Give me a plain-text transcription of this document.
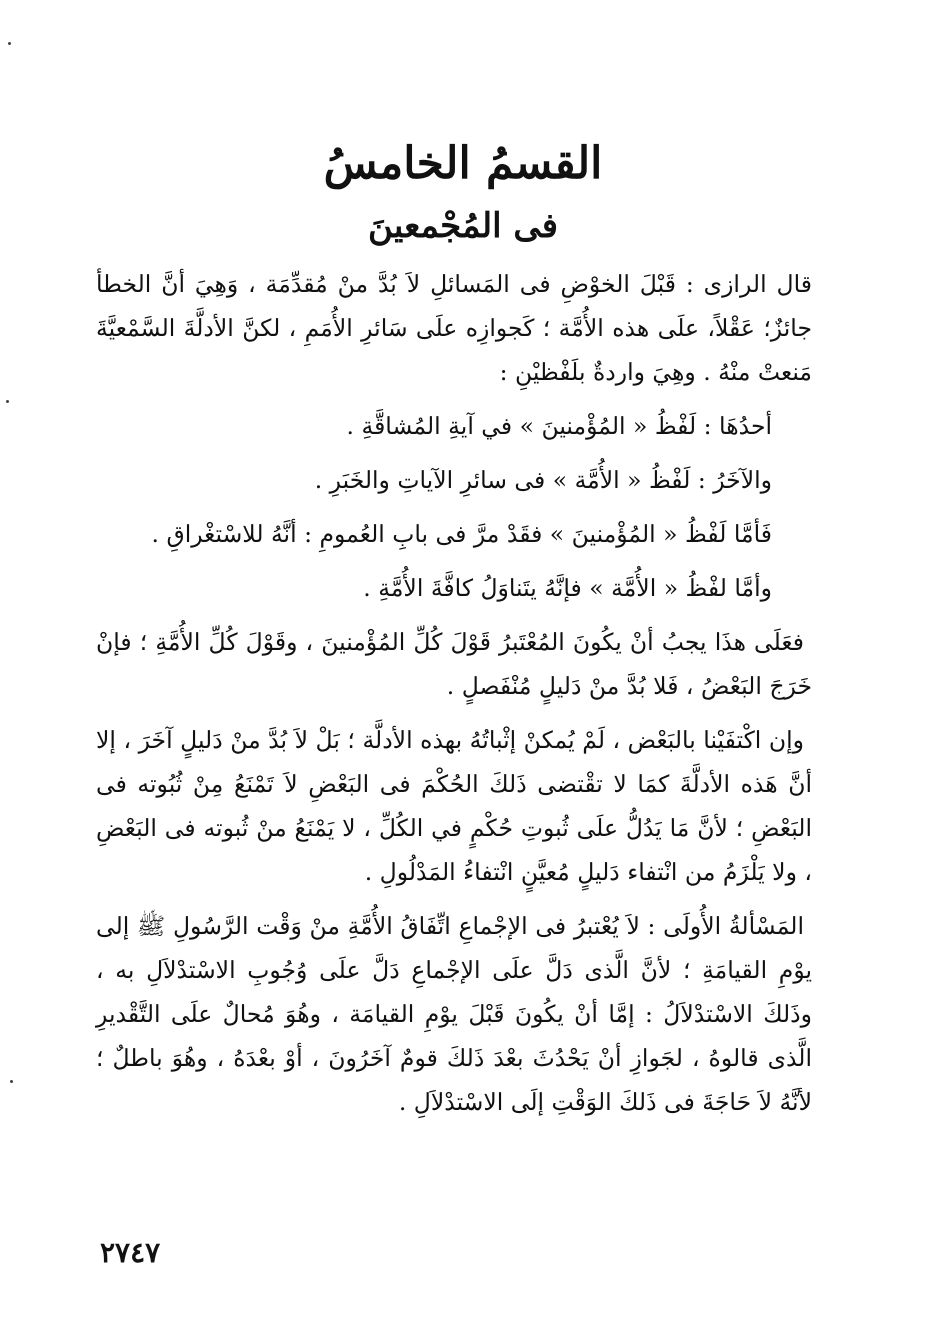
القسمُ الخامسُ
فى المُجْمعينَ

قال الرازى : قَبْلَ الخوْضِ فى المَسائلِ لاَ بُدَّ منْ مُقدِّمَة ، وَهِيَ أنَّ الخطأ جائزٌ؛ عَقْلاً، علَى هذه الأُمَّة ؛ كَجوازِه علَى سَائرِ الأُمَمِ ، لكنَّ الأدلَّةَ السَّمْعيَّةَ مَنعتْ منْهُ . وهِيَ واردةٌ بلَفْظيْنِ :

أحدُهَا : لَفْظُ « المُؤْمنينَ » في آيةِ المُشاقَّةِ .

والآخَرُ : لَفْظُ « الأُمَّة » فى سائرِ الآياتِ والخَبَرِ .

فَأمَّا لَفْظُ « المُؤْمنينَ » فقَدْ مرَّ فى بابِ العُمومِ : أنَّهُ للاسْتغْراقِ .

وأمَّا لفْظُ « الأُمَّة » فإنَّهُ يتَناوَلُ كافَّةَ الأُمَّةِ .

فعَلَى هذَا يجبُ أنْ يكُونَ المُعْتَبرُ قَوْلَ كُلِّ المُؤْمنينَ ، وقَوْلَ كُلِّ الأُمَّةِ ؛ فإنْ خَرَجَ البَعْضُ ، فَلا بُدَّ منْ دَليلٍ مُنْفَصلٍ .

وإن اكْتفَيْنا بالبَعْض ، لَمْ يُمكنْ إثْباتُهُ بهذه الأدلَّة ؛ بَلْ لاَ بُدَّ منْ دَليلٍ آخَرَ ، إلا أنَّ هَذه الأدلَّةَ كمَا لا تقْتضى ذَلكَ الحُكْمَ فى البَعْضِ لاَ تَمْنَعُ مِنْ ثُبُوته فى البَعْضِ ؛ لأنَّ مَا يَدُلُّ علَى ثُبوتِ حُكْمٍ في الكُلِّ ، لا يَمْنَعُ منْ ثُبوته فى البَعْضِ ، ولا يَلْزَمُ من انْتفاء دَليلٍ مُعيَّنٍ انْتفاءُ المَدْلُولِ .

المَسْألةُ الأُولَى : لاَ يُعْتبرُ فى الإجْماعِ اتِّفَاقُ الأُمَّةِ منْ وَقْت الرَّسُولِ ﷺ إلى يوْمِ القيامَةِ ؛ لأنَّ الَّذى دَلَّ علَى الإجْماعِ دَلَّ علَى وُجُوبِ الاسْتدْلاَلِ به ، وذَلكَ الاسْتدْلاَلُ : إمَّا أنْ يكُونَ قَبْلَ يوْمِ القيامَة ، وهُوَ مُحالٌ علَى التَّقْديرِ الَّذى قالوهُ ، لجَوازِ أنْ يَحْدُثَ بعْدَ ذَلكَ قومٌ آخَرُونَ ، أوْ بعْدَهُ ، وهُوَ باطلٌ ؛ لأنَّهُ لاَ حَاجَةَ فى ذَلكَ الوَقْتِ إلَى الاسْتدْلاَلِ .

٢٧٤٧
